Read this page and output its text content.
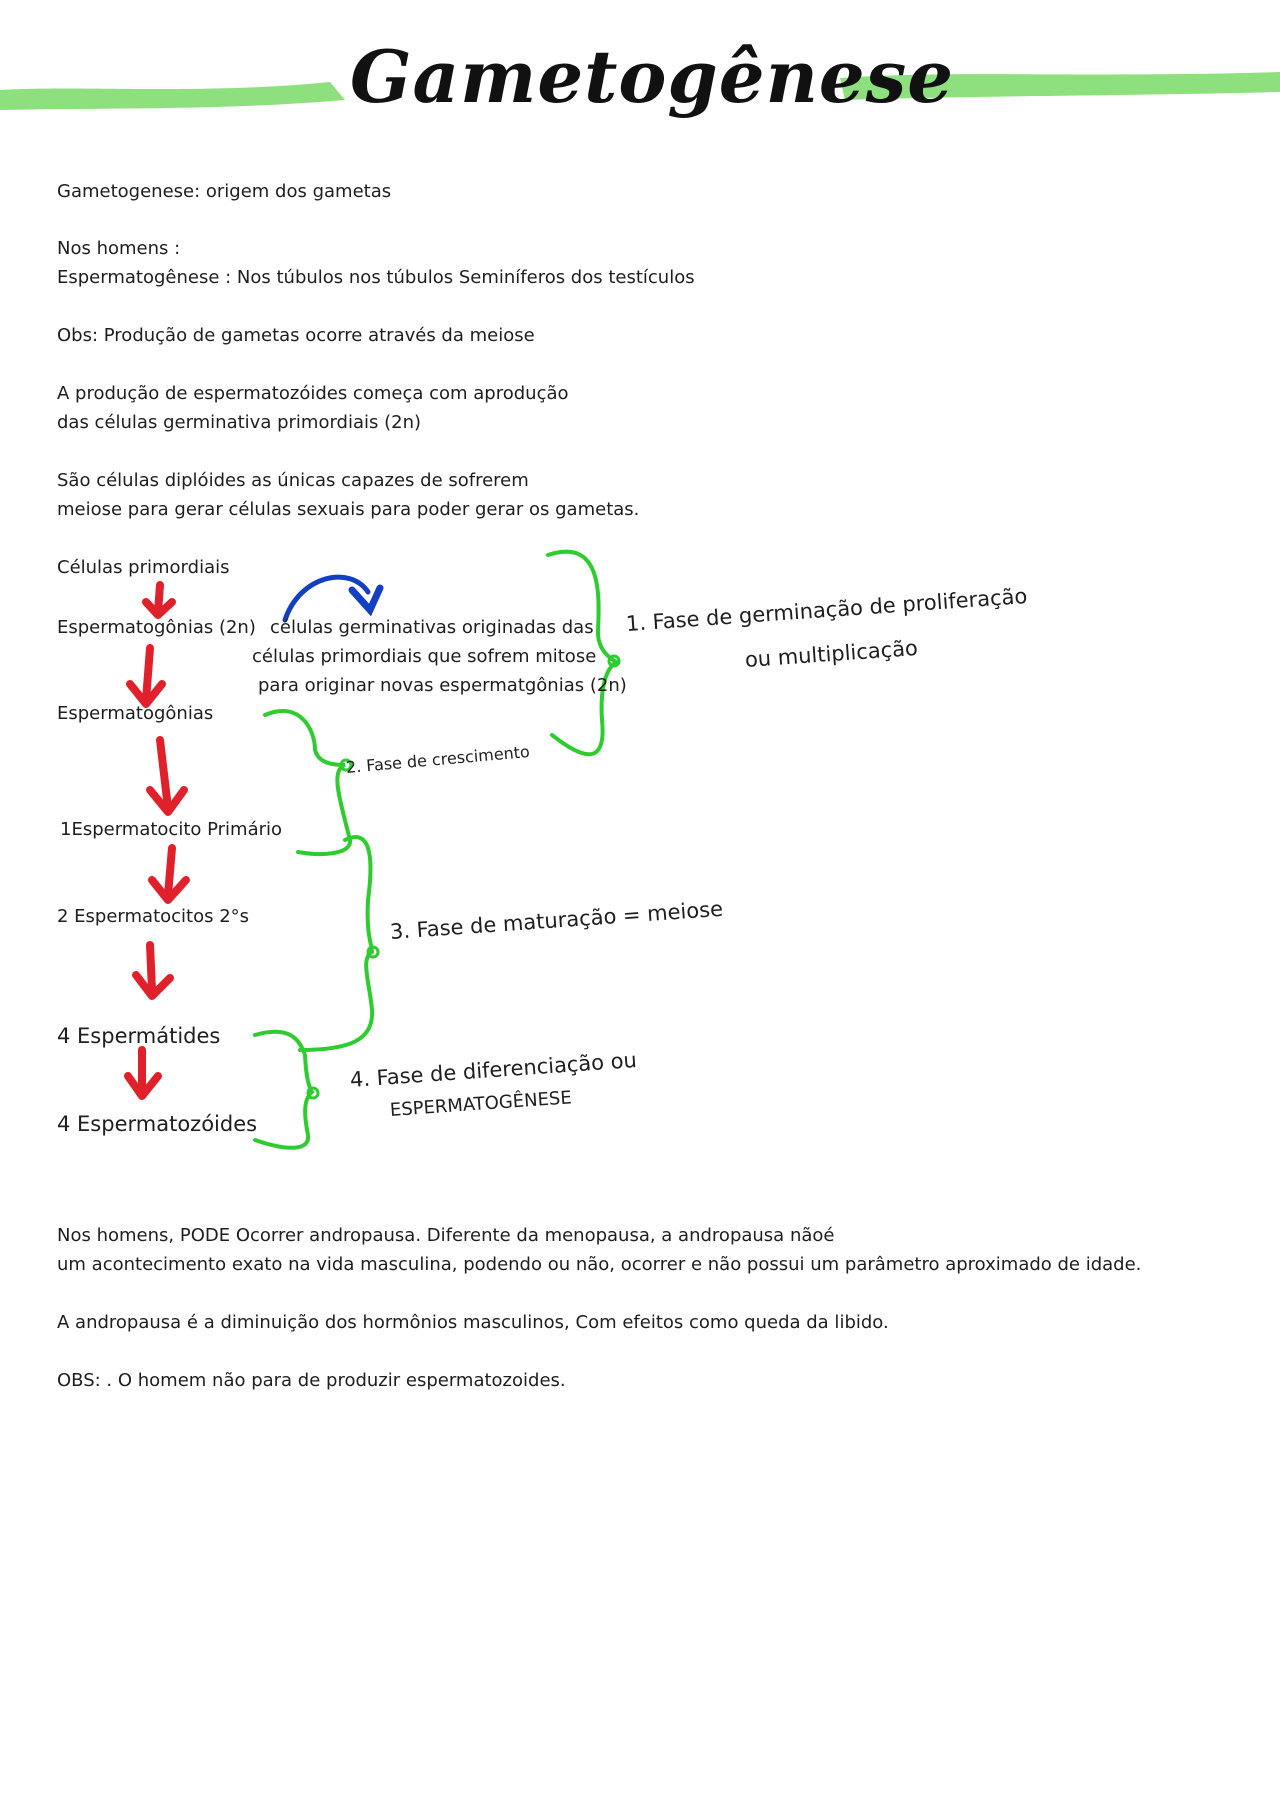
Gametogênese
Gametogenese: origem dos gametas
Nos homens :
Espermatogênese : Nos túbulos nos túbulos Seminíferos dos testículos
Obs: Produção de gametas ocorre através da meiose
A produção de espermatozóides começa com aprodução
das células germinativa primordiais (2n)
São células diplóides as únicas capazes de sofrerem
meiose para gerar células sexuais para poder gerar os gametas.
Células primordiais
Espermatogônias (2n)
Espermatogônias
1Espermatocito Primário
2 Espermatocitos 2°s
4 Espermátides
4 Espermatozóides
células germinativas originadas das
células primordiais que sofrem mitose
para originar novas espermatgônias (2n)
1. Fase de germinação de proliferação
ou multiplicação
2. Fase de crescimento
3. Fase de maturação = meiose
4. Fase de diferenciação ou
ESPERMATOGÊNESE
Nos homens, PODE Ocorrer andropausa. Diferente da menopausa, a andropausa nãoé
um acontecimento exato na vida masculina, podendo ou não, ocorrer e não possui um parâmetro aproximado de idade.
A andropausa é a diminuição dos hormônios masculinos, Com efeitos como queda da libido.
OBS: . O homem não para de produzir espermatozoides.
